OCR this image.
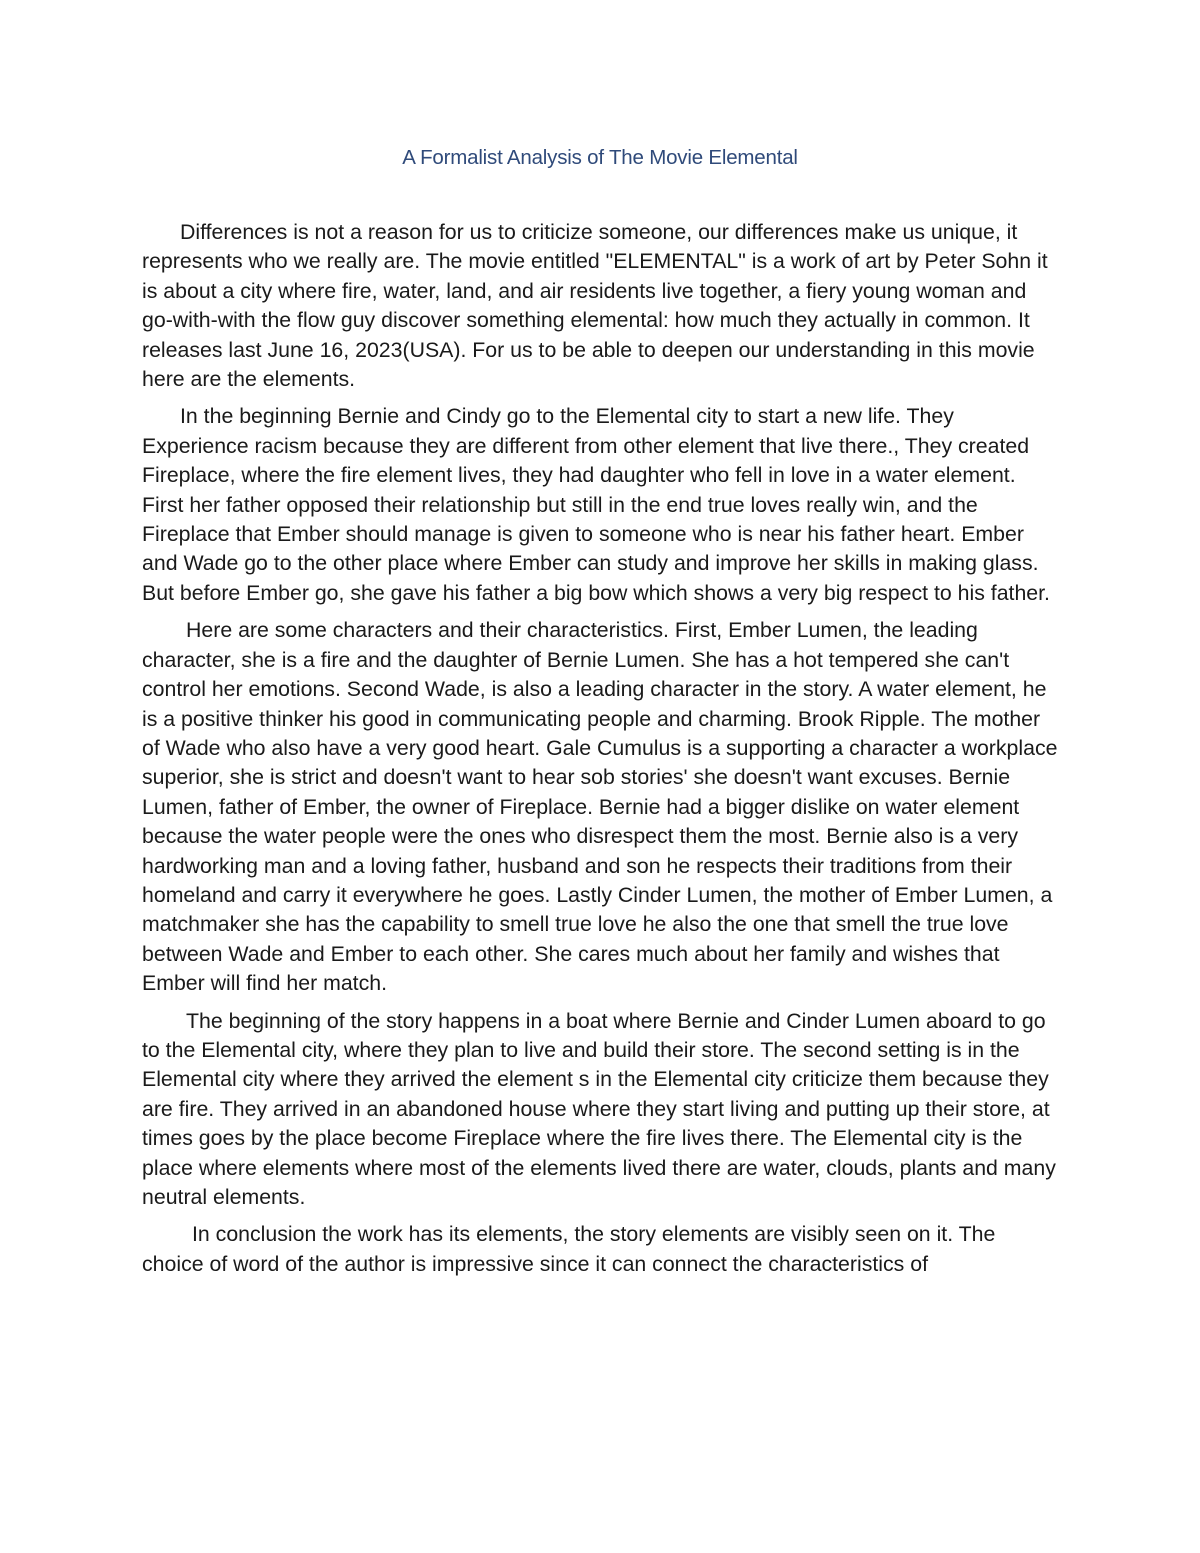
A Formalist Analysis of The Movie Elemental

Differences is not a reason for us to criticize someone, our differences make us unique, it represents who we really are. The movie entitled "ELEMENTAL" is a work of art by Peter Sohn it is about a city where fire, water, land, and air residents live together, a fiery young woman and go-with-with the flow guy discover something elemental: how much they actually in common. It releases last June 16, 2023(USA). For us to be able to deepen our understanding in this movie here are the elements.

In the beginning Bernie and Cindy go to the Elemental city to start a new life. They Experience racism because they are different from other element that live there., They created Fireplace, where the fire element lives, they had daughter who fell in love in a water element. First her father opposed their relationship but still in the end true loves really win, and the Fireplace that Ember should manage is given to someone who is near his father heart. Ember and Wade go to the other place where Ember can study and improve her skills in making glass. But before Ember go, she gave his father a big bow which shows a very big respect to his father.

Here are some characters and their characteristics. First, Ember Lumen, the leading character, she is a fire and the daughter of Bernie Lumen. She has a hot tempered she can't control her emotions. Second Wade, is also a leading character in the story. A water element, he is a positive thinker his good in communicating people and charming. Brook Ripple. The mother of Wade who also have a very good heart. Gale Cumulus is a supporting a character a workplace superior, she is strict and doesn't want to hear sob stories' she doesn't want excuses. Bernie Lumen, father of Ember, the owner of Fireplace. Bernie had a bigger dislike on water element because the water people were the ones who disrespect them the most. Bernie also is a very hardworking man and a loving father, husband and son he respects their traditions from their homeland and carry it everywhere he goes. Lastly Cinder Lumen, the mother of Ember Lumen, a matchmaker she has the capability to smell true love he also the one that smell the true love between Wade and Ember to each other. She cares much about her family and wishes that Ember will find her match.

The beginning of the story happens in a boat where Bernie and Cinder Lumen aboard to go to the Elemental city, where they plan to live and build their store. The second setting is in the Elemental city where they arrived the element s in the Elemental city criticize them because they are fire. They arrived in an abandoned house where they start living and putting up their store, at times goes by the place become Fireplace where the fire lives there. The Elemental city is the place where elements where most of the elements lived there are water, clouds, plants and many neutral elements.

In conclusion the work has its elements, the story elements are visibly seen on it. The choice of word of the author is impressive since it can connect the characteristics of
